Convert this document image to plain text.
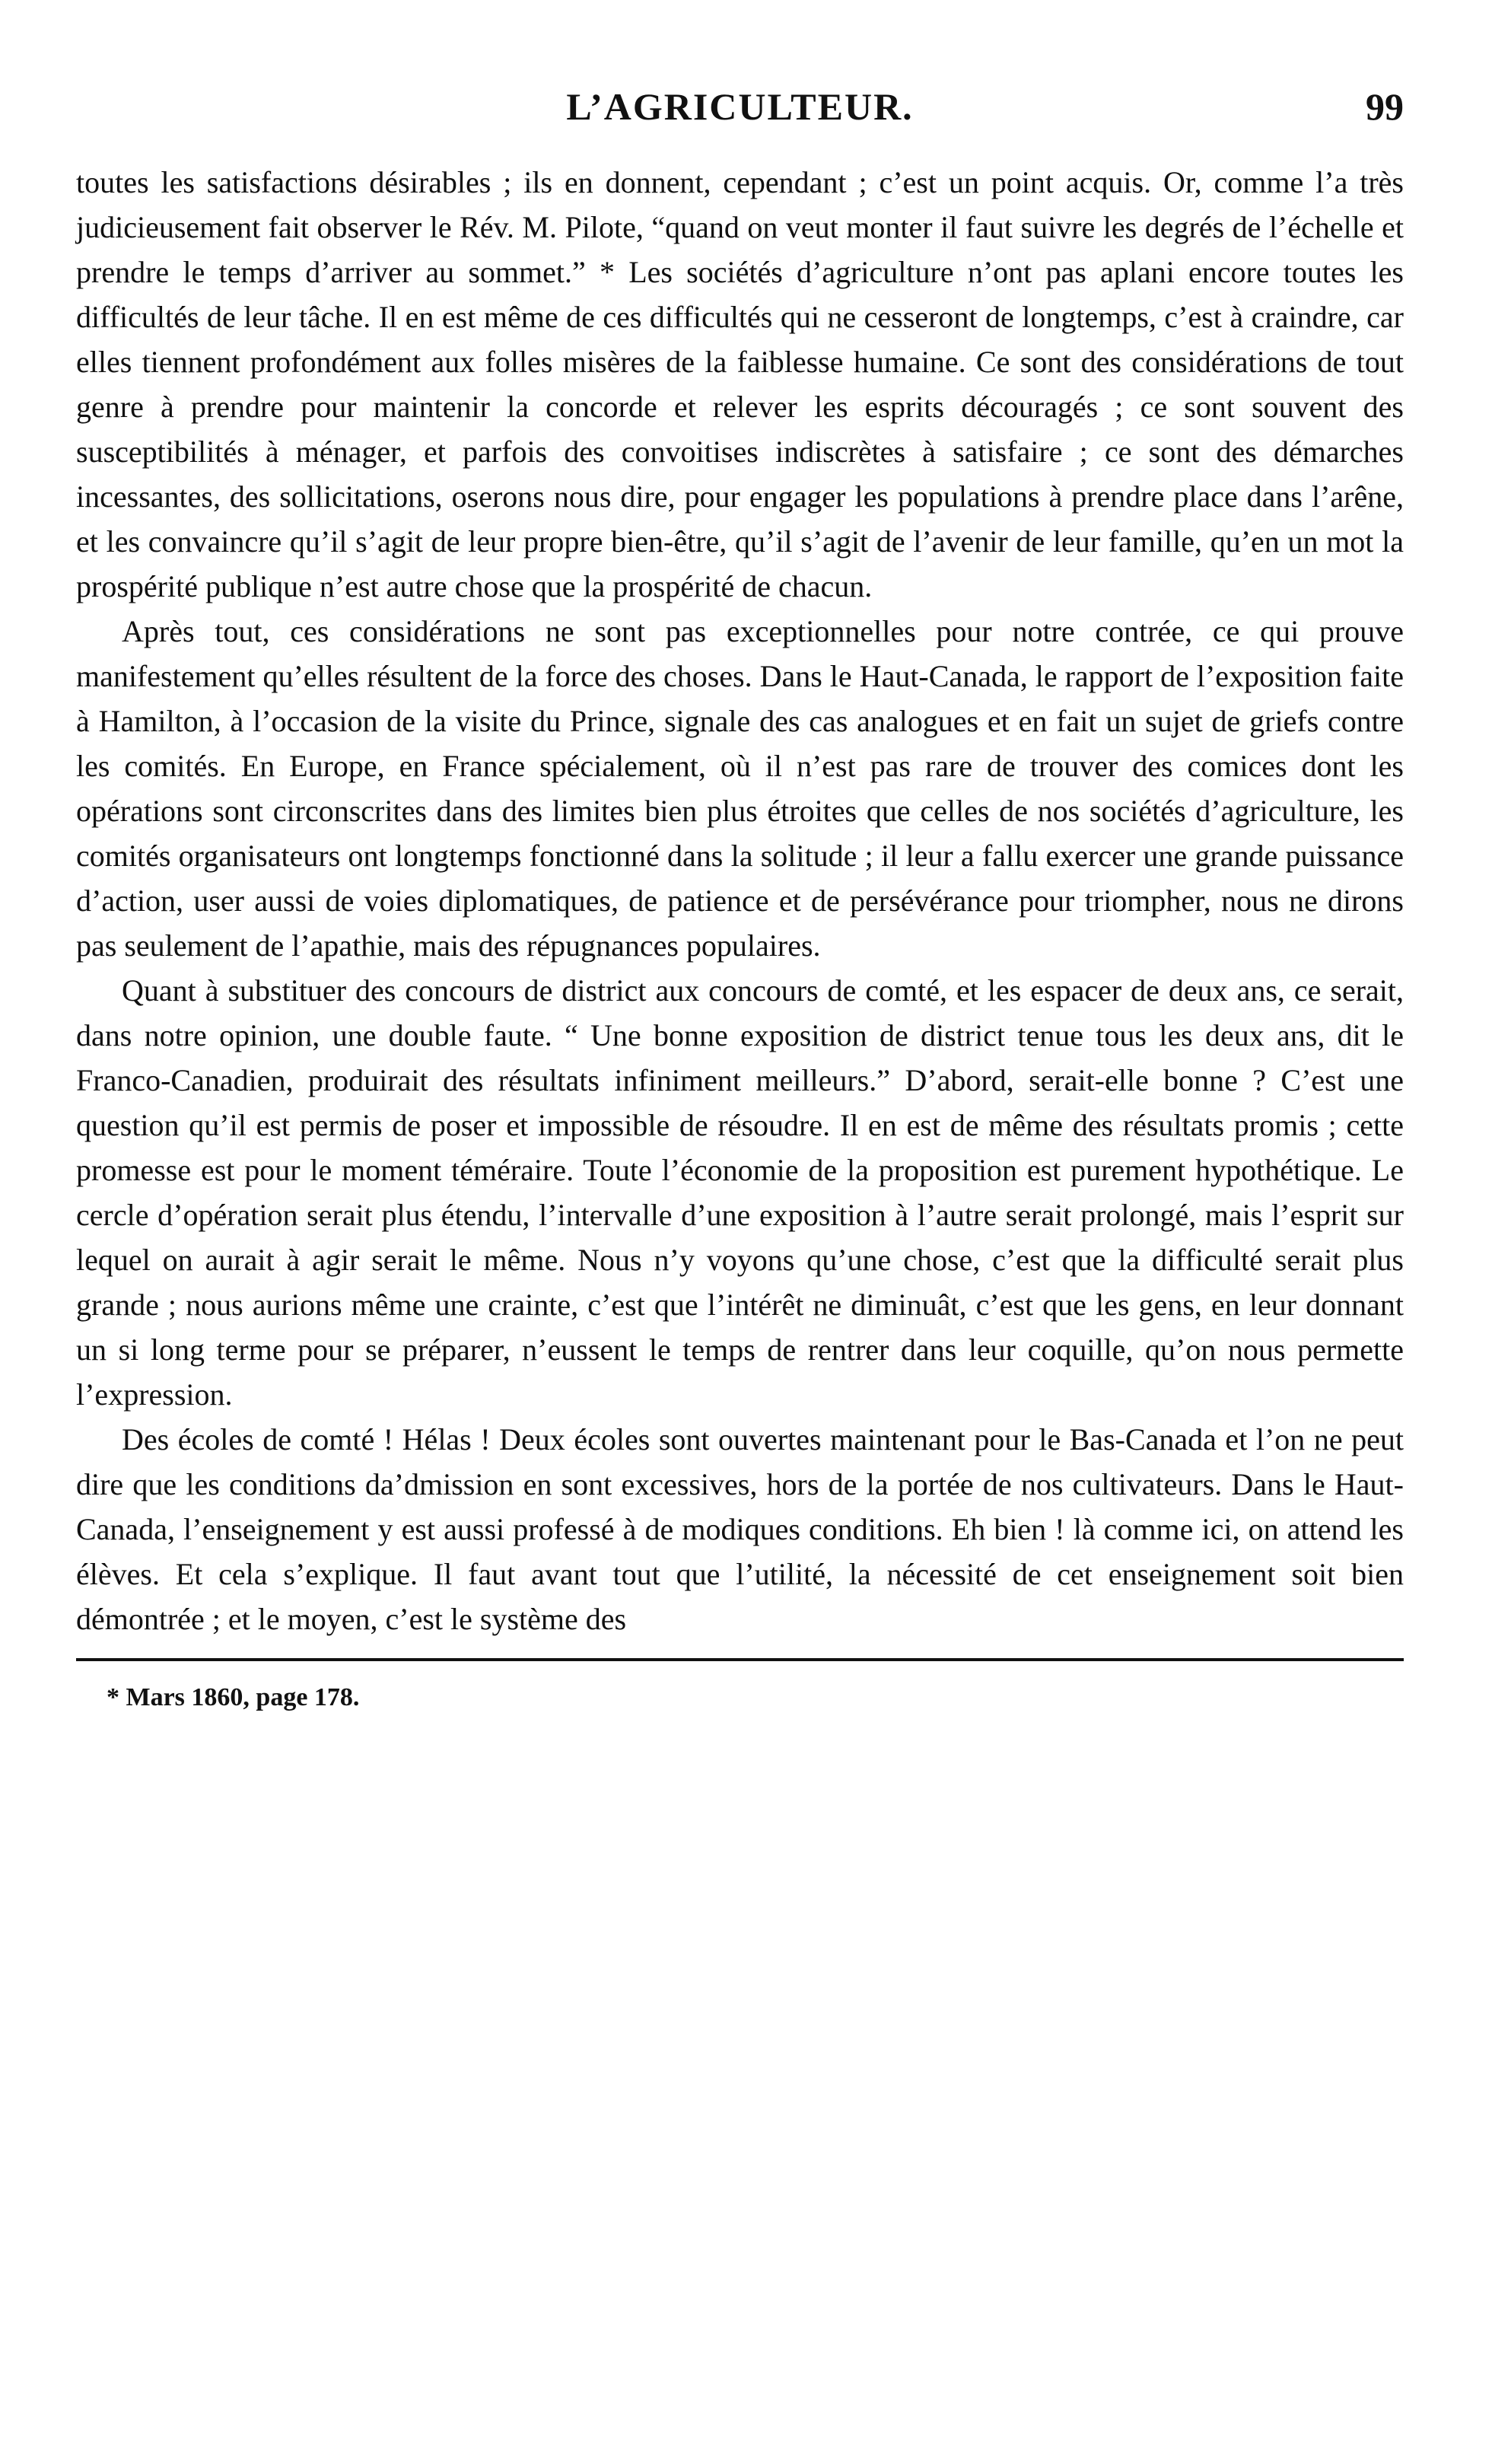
L’AGRICULTEUR.	99

toutes les satisfactions désirables ; ils en donnent, cependant ; c’est un point acquis. Or, comme l’a très judicieusement fait observer le Rév. M. Pilote, “quand on veut monter il faut suivre les degrés de l’échelle et prendre le temps d’arriver au sommet.” * Les sociétés d’agriculture n’ont pas aplani encore toutes les difficultés de leur tâche. Il en est même de ces difficultés qui ne cesseront de longtemps, c’est à craindre, car elles tiennent profondément aux folles misères de la faiblesse humaine. Ce sont des considérations de tout genre à prendre pour maintenir la concorde et relever les esprits découragés ; ce sont souvent des susceptibilités à ménager, et parfois des convoitises indiscrètes à satisfaire ; ce sont des démarches incessantes, des sollicitations, oserons nous dire, pour engager les populations à prendre place dans l’arêne, et les convaincre qu’il s’agit de leur propre bien-être, qu’il s’agit de l’avenir de leur famille, qu’en un mot la prospérité publique n’est autre chose que la prospérité de chacun.

Après tout, ces considérations ne sont pas exceptionnelles pour notre contrée, ce qui prouve manifestement qu’elles résultent de la force des choses. Dans le Haut-Canada, le rapport de l’exposition faite à Hamilton, à l’occasion de la visite du Prince, signale des cas analogues et en fait un sujet de griefs contre les comités. En Europe, en France spécialement, où il n’est pas rare de trouver des comices dont les opérations sont circonscrites dans des limites bien plus étroites que celles de nos sociétés d’agriculture, les comités organisateurs ont longtemps fonctionné dans la solitude ; il leur a fallu exercer une grande puissance d’action, user aussi de voies diplomatiques, de patience et de persévérance pour triompher, nous ne dirons pas seulement de l’apathie, mais des répugnances populaires.

Quant à substituer des concours de district aux concours de comté, et les espacer de deux ans, ce serait, dans notre opinion, une double faute. “ Une bonne exposition de district tenue tous les deux ans, dit le Franco-Canadien, produirait des résultats infiniment meilleurs.” D’abord, serait-elle bonne ? C’est une question qu’il est permis de poser et impossible de résoudre. Il en est de même des résultats promis ; cette promesse est pour le moment téméraire. Toute l’économie de la proposition est purement hypothétique. Le cercle d’opération serait plus étendu, l’intervalle d’une exposition à l’autre serait prolongé, mais l’esprit sur lequel on aurait à agir serait le même. Nous n’y voyons qu’une chose, c’est que la difficulté serait plus grande ; nous aurions même une crainte, c’est que l’intérêt ne diminuât, c’est que les gens, en leur donnant un si long terme pour se préparer, n’eussent le temps de rentrer dans leur coquille, qu’on nous permette l’expression.

Des écoles de comté ! Hélas ! Deux écoles sont ouvertes maintenant pour le Bas-Canada et l’on ne peut dire que les conditions da’dmission en sont excessives, hors de la portée de nos cultivateurs. Dans le Haut-Canada, l’enseignement y est aussi professé à de modiques conditions. Eh bien ! là comme ici, on attend les élèves. Et cela s’explique. Il faut avant tout que l’utilité, la nécessité de cet enseignement soit bien démontrée ; et le moyen, c’est le système des

* Mars 1860, page 178.
